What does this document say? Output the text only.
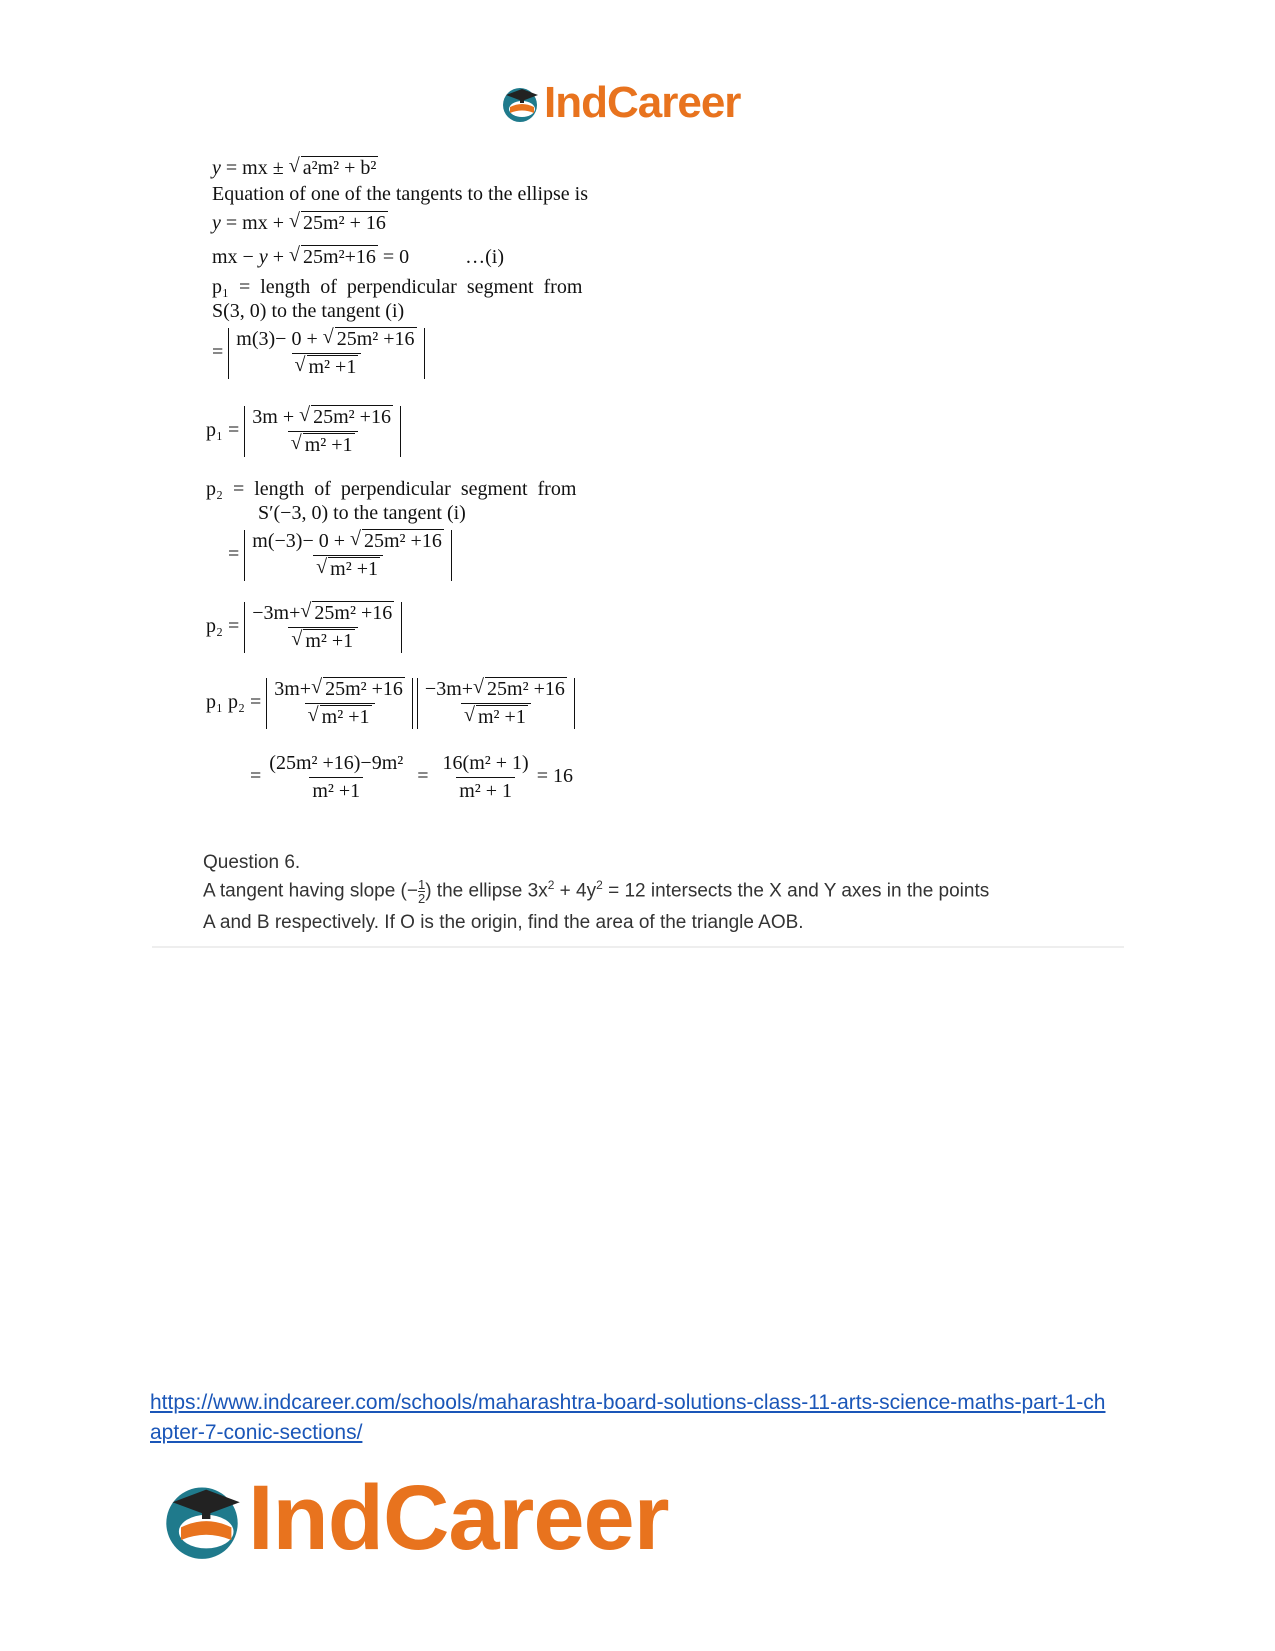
IndCareer
y = mx ± √ a²m² + b²
Equation of one of the tangents to the ellipse is
y = mx + √ 25m² + 16
mx − y + √ 25m²+16 = 0	…(i)
p₁  =  length  of  perpendicular  segment  from
S(3, 0) to the tangent (i)
= m(3)− 0 + √ 25m² +16
√ m² +1
p₁ = 3m + √ 25m² +16
√ m² +1
p₂  =  length  of  perpendicular  segment  from
S′(−3, 0) to the tangent (i)
= m(−3)− 0 + √ 25m² +16
√ m² +1
p₂ = −3m+ √ 25m² +16
√ m² +1
p₁ p₂ = 3m+ √ 25m² +16
√ m² +1 −3m+ √ 25m² +16
√ m² +1
= $\frac{\text{(25m² +16)−9m²}}{\text{m² +1}} = \frac{\text{16(m² + 1)}}{\text{m² + 1}} = 16$
Question 6.
A tangent having slope (− $\frac{1}{2}$ ) the ellipse $3x^2 + 4y^2 = 12$ intersects the X and Y axes in the points
A and B respectively. If O is the origin, find the area of the triangle AOB.
https://www.indcareer.com/schools/maharashtra-board-solutions-class-11-arts-science-maths-part-1-chapter-7-conic-sections/
IndCareer
